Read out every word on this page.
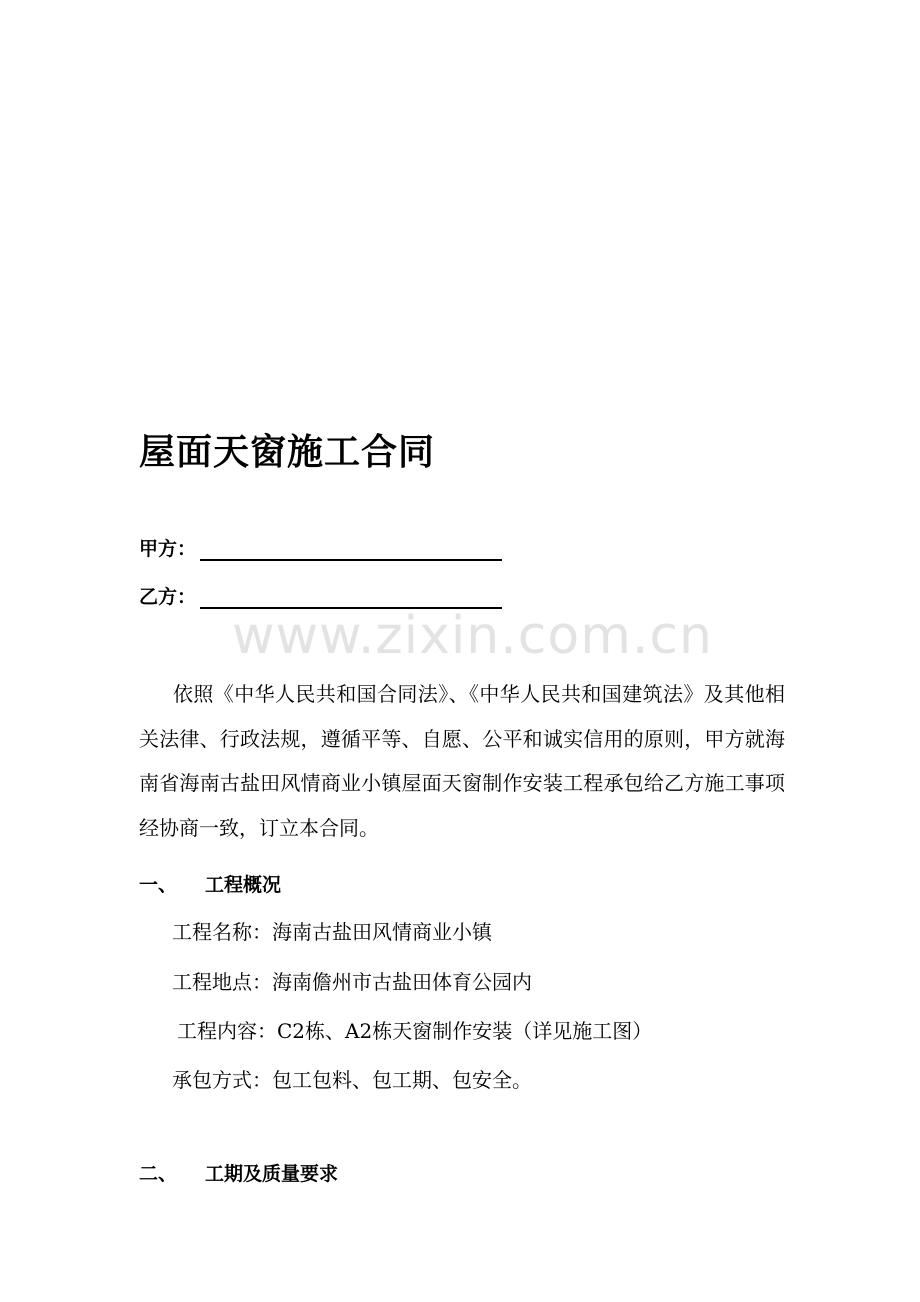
屋面天窗施工合同
甲方：
乙方：
www.zixin.com.cn
依照《中华人民共和国合同法》、《中华人民共和国建筑法》及其他相关法律、行政法规，遵循平等、自愿、公平和诚实信用的原则，甲方就海南省海南古盐田风情商业小镇屋面天窗制作安装工程承包给乙方施工事项经协商一致，订立本合同。
一、 工程概况
工程名称：海南古盐田风情商业小镇
工程地点：海南儋州市古盐田体育公园内
工程内容：C2栋、A2栋天窗制作安装（详见施工图）
承包方式：包工包料、包工期、包安全。
二、 工期及质量要求
